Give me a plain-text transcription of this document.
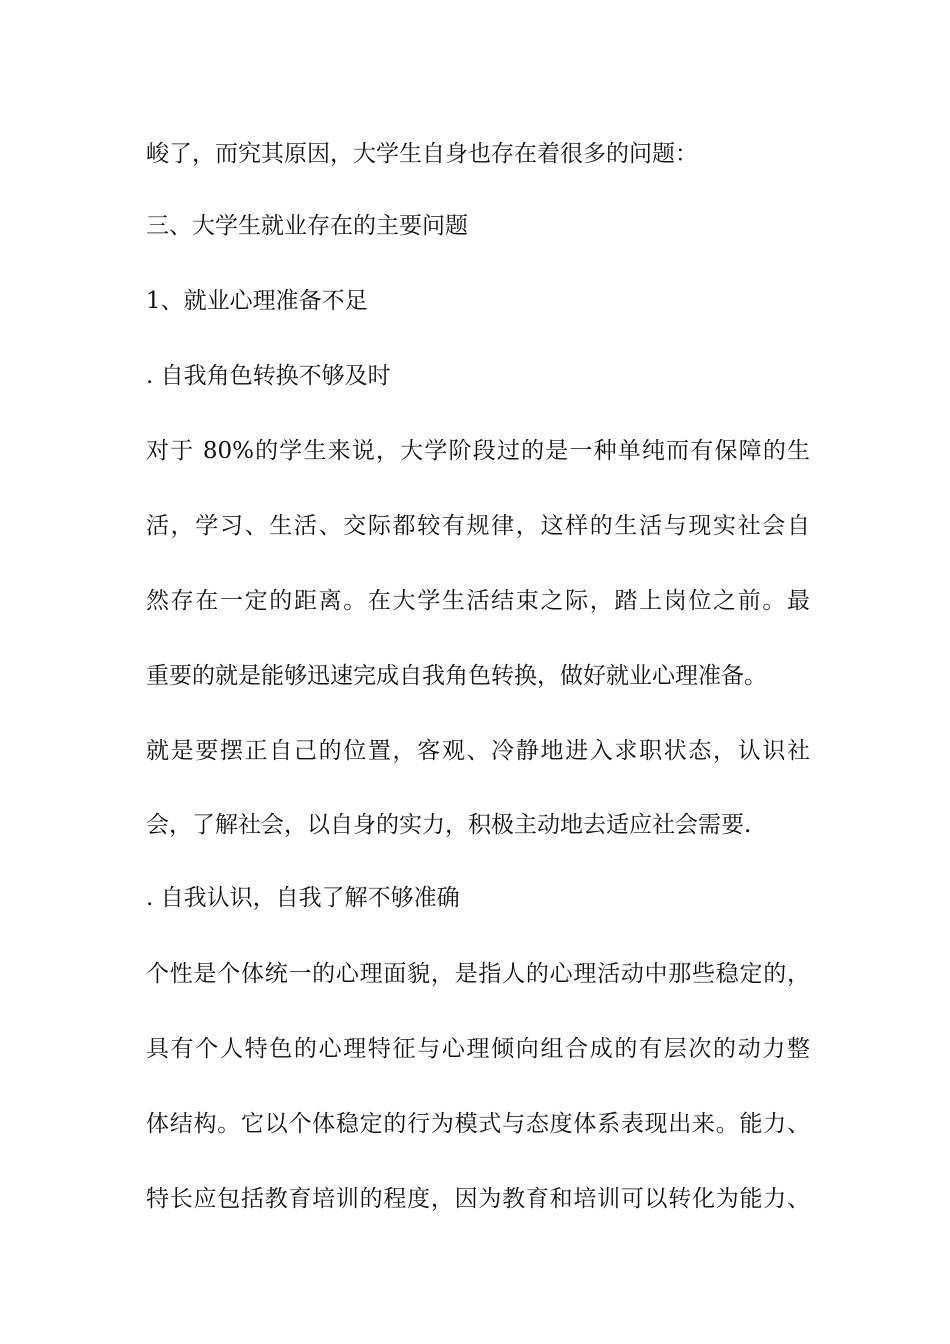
峻了，而究其原因，大学生自身也存在着很多的问题：
三、大学生就业存在的主要问题
1、就业心理准备不足
. 自我角色转换不够及时
对于 80%的学生来说，大学阶段过的是一种单纯而有保障的生
活，学习、生活、交际都较有规律，这样的生活与现实社会自
然存在一定的距离。在大学生活结束之际，踏上岗位之前。最
重要的就是能够迅速完成自我角色转换，做好就业心理准备。
就是要摆正自己的位置，客观、冷静地进入求职状态，认识社
会，了解社会，以自身的实力，积极主动地去适应社会需要.
. 自我认识，自我了解不够准确
个性是个体统一的心理面貌，是指人的心理活动中那些稳定的，
具有个人特色的心理特征与心理倾向组合成的有层次的动力整
体结构。它以个体稳定的行为模式与态度体系表现出来。能力、
特长应包括教育培训的程度，因为教育和培训可以转化为能力、
